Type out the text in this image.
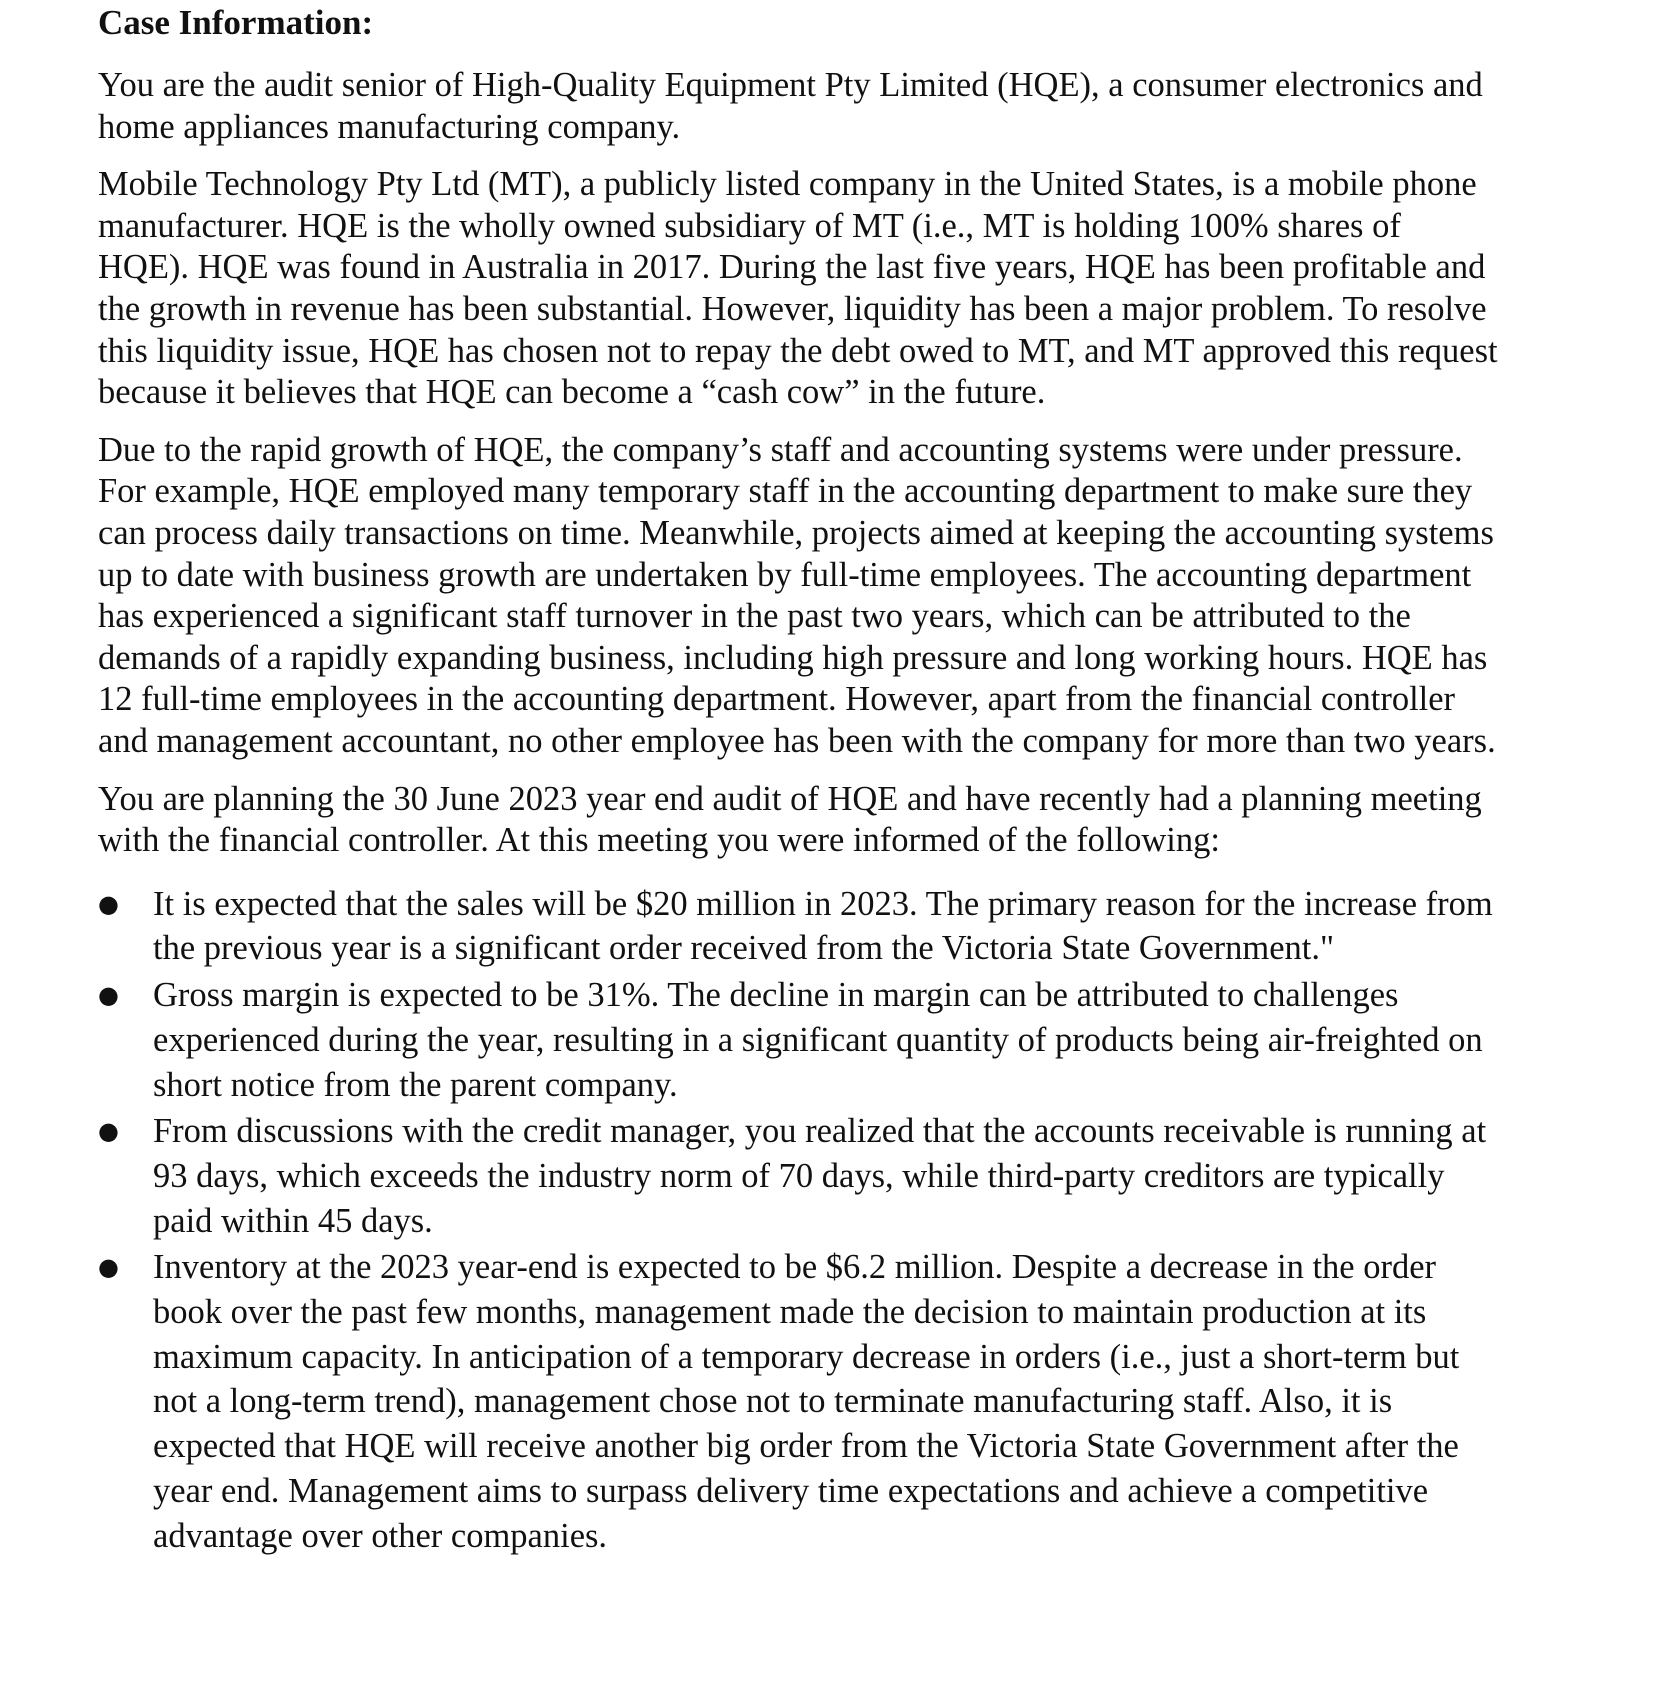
Case Information:

You are the audit senior of High-Quality Equipment Pty Limited (HQE), a consumer electronics and home appliances manufacturing company.

Mobile Technology Pty Ltd (MT), a publicly listed company in the United States, is a mobile phone manufacturer. HQE is the wholly owned subsidiary of MT (i.e., MT is holding 100% shares of HQE). HQE was found in Australia in 2017. During the last five years, HQE has been profitable and the growth in revenue has been substantial. However, liquidity has been a major problem. To resolve this liquidity issue, HQE has chosen not to repay the debt owed to MT, and MT approved this request because it believes that HQE can become a “cash cow” in the future.

Due to the rapid growth of HQE, the company’s staff and accounting systems were under pressure. For example, HQE employed many temporary staff in the accounting department to make sure they can process daily transactions on time. Meanwhile, projects aimed at keeping the accounting systems up to date with business growth are undertaken by full-time employees. The accounting department has experienced a significant staff turnover in the past two years, which can be attributed to the demands of a rapidly expanding business, including high pressure and long working hours. HQE has 12 full-time employees in the accounting department. However, apart from the financial controller and management accountant, no other employee has been with the company for more than two years.

You are planning the 30 June 2023 year end audit of HQE and have recently had a planning meeting with the financial controller. At this meeting you were informed of the following:

● It is expected that the sales will be $20 million in 2023. The primary reason for the increase from the previous year is a significant order received from the Victoria State Government."
● Gross margin is expected to be 31%. The decline in margin can be attributed to challenges experienced during the year, resulting in a significant quantity of products being air-freighted on short notice from the parent company.
● From discussions with the credit manager, you realized that the accounts receivable is running at 93 days, which exceeds the industry norm of 70 days, while third-party creditors are typically paid within 45 days.
● Inventory at the 2023 year-end is expected to be $6.2 million. Despite a decrease in the order book over the past few months, management made the decision to maintain production at its maximum capacity. In anticipation of a temporary decrease in orders (i.e., just a short-term but not a long-term trend), management chose not to terminate manufacturing staff. Also, it is expected that HQE will receive another big order from the Victoria State Government after the year end. Management aims to surpass delivery time expectations and achieve a competitive advantage over other companies.
